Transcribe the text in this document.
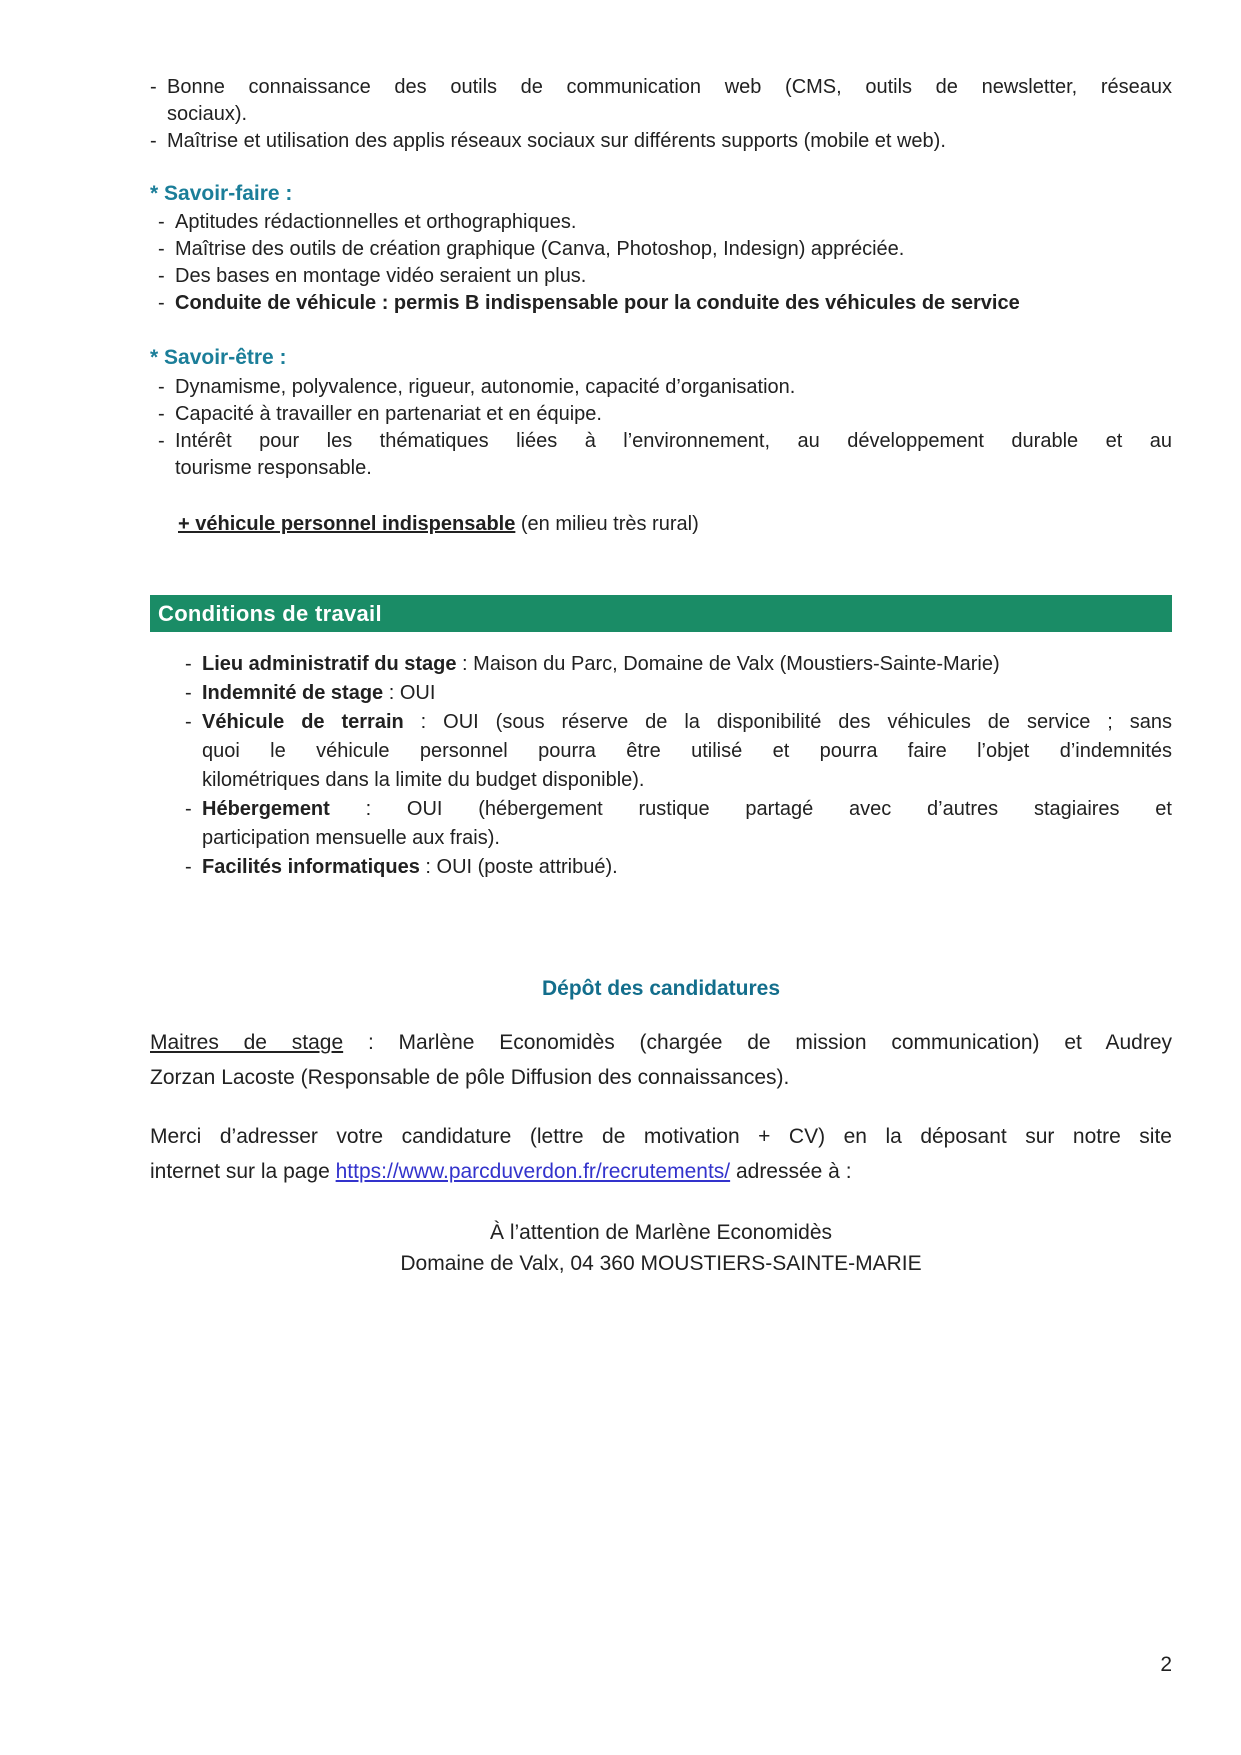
- Bonne connaissance des outils de communication web (CMS, outils de newsletter, réseaux
sociaux).
- Maîtrise et utilisation des applis réseaux sociaux sur différents supports (mobile et web).
* Savoir-faire :
- Aptitudes rédactionnelles et orthographiques.
- Maîtrise des outils de création graphique (Canva, Photoshop, Indesign) appréciée.
- Des bases en montage vidéo seraient un plus.
- Conduite de véhicule : permis B indispensable pour la conduite des véhicules de service
* Savoir-être :
- Dynamisme, polyvalence, rigueur, autonomie, capacité d’organisation.
- Capacité à travailler en partenariat et en équipe.
- Intérêt pour les thématiques liées à l’environnement, au développement durable et au
tourisme responsable.
+ véhicule personnel indispensable (en milieu très rural)
Conditions de travail
- Lieu administratif du stage : Maison du Parc, Domaine de Valx (Moustiers-Sainte-Marie)
- Indemnité de stage : OUI
- Véhicule de terrain : OUI (sous réserve de la disponibilité des véhicules de service ; sans
quoi le véhicule personnel pourra être utilisé et pourra faire l’objet d’indemnités
kilométriques dans la limite du budget disponible).
- Hébergement : OUI (hébergement rustique partagé avec d’autres stagiaires et
participation mensuelle aux frais).
- Facilités informatiques : OUI (poste attribué).
Dépôt des candidatures
Maitres de stage : Marlène Economidès (chargée de mission communication) et Audrey
Zorzan Lacoste (Responsable de pôle Diffusion des connaissances).
Merci d’adresser votre candidature (lettre de motivation + CV) en la déposant sur notre site
internet sur la page https://www.parcduverdon.fr/recrutements/ adressée à :
À l’attention de Marlène Economidès
Domaine de Valx, 04 360 MOUSTIERS-SAINTE-MARIE
2
